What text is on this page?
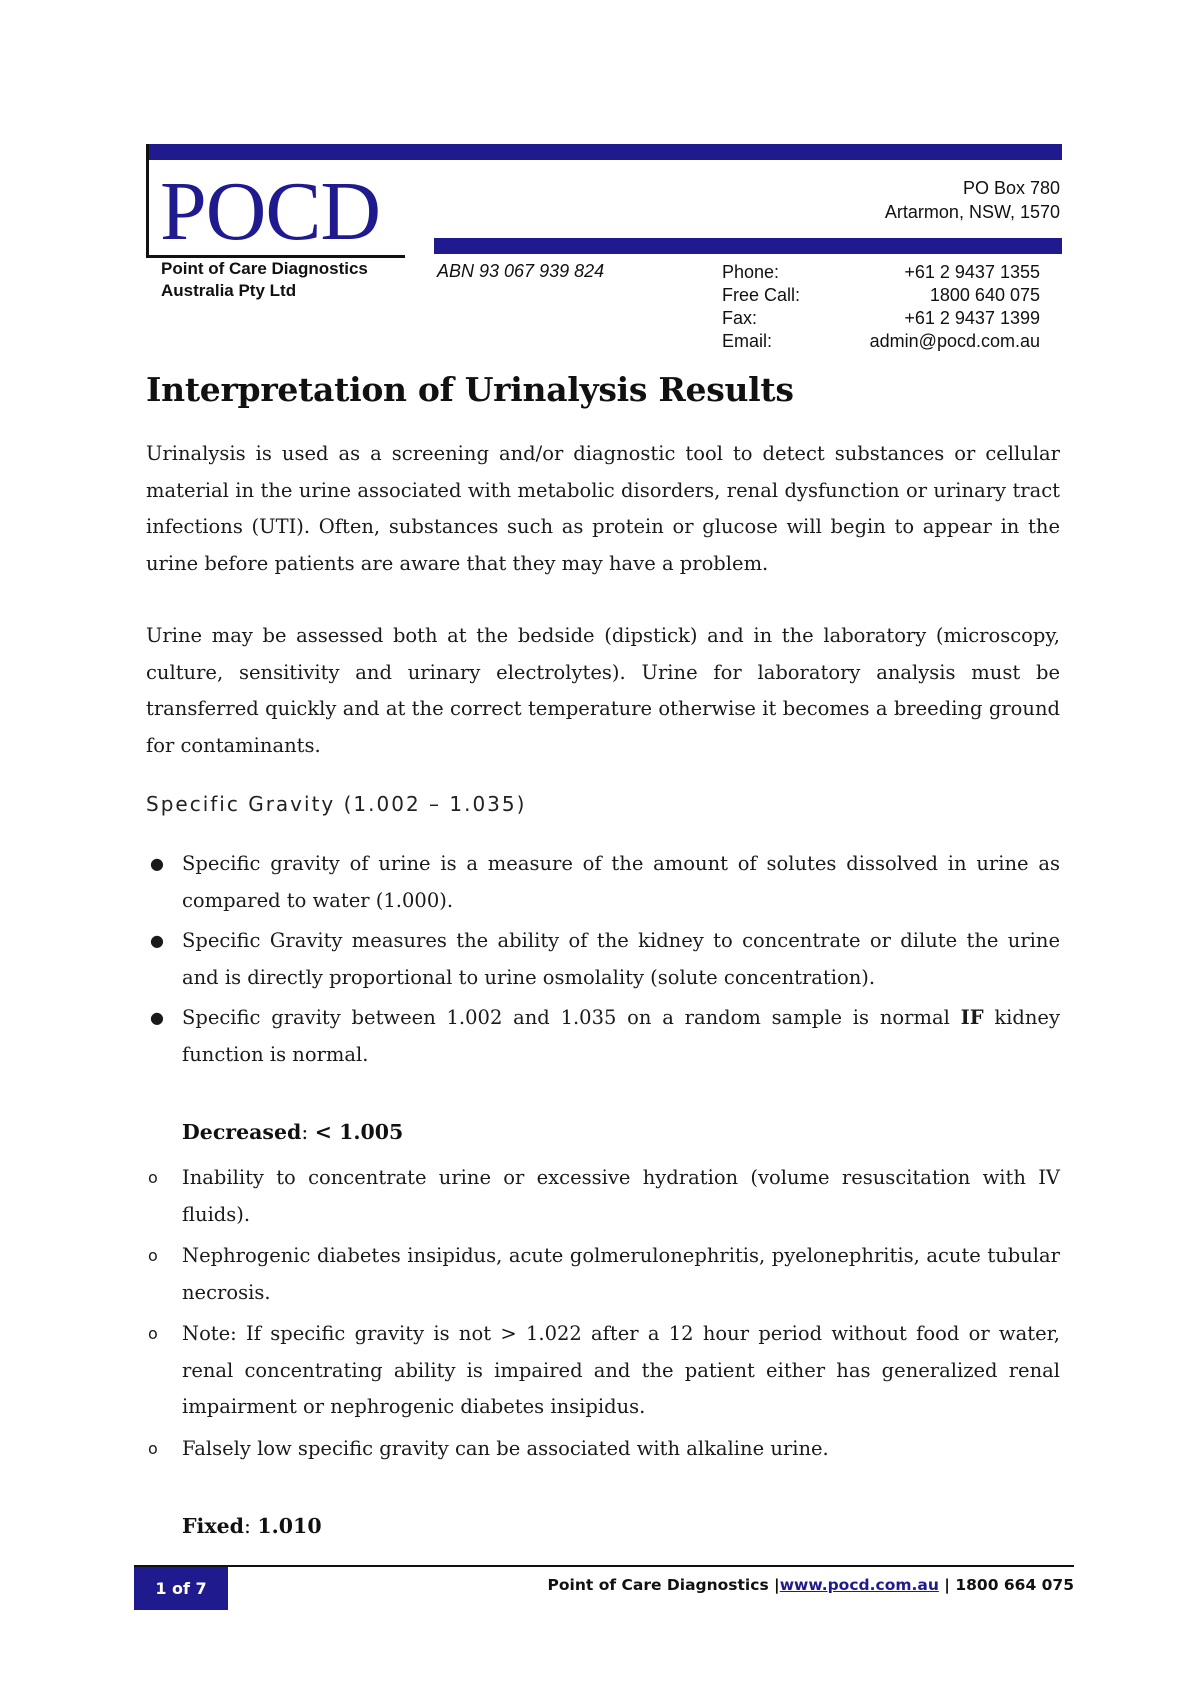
POCD
Point of Care Diagnostics
Australia Pty Ltd
PO Box 780
Artarmon, NSW, 1570
ABN 93 067 939 824	Phone:	+61 2 9437 1355
Free Call:	1800 640 075
Fax:	+61 2 9437 1399
Email:	admin@pocd.com.au
Interpretation of Urinalysis Results
Urinalysis is used as a screening and/or diagnostic tool to detect substances or cellular material in the urine associated with metabolic disorders, renal dysfunction or urinary tract infections (UTI). Often, substances such as protein or glucose will begin to appear in the urine before patients are aware that they may have a problem.
Urine may be assessed both at the bedside (dipstick) and in the laboratory (microscopy, culture, sensitivity and urinary electrolytes). Urine for laboratory analysis must be transferred quickly and at the correct temperature otherwise it becomes a breeding ground for contaminants.
Specific Gravity (1.002 – 1.035)
● Specific gravity of urine is a measure of the amount of solutes dissolved in urine as compared to water (1.000).
● Specific Gravity measures the ability of the kidney to concentrate or dilute the urine and is directly proportional to urine osmolality (solute concentration).
● Specific gravity between 1.002 and 1.035 on a random sample is normal IF kidney function is normal.
Decreased: < 1.005
o Inability to concentrate urine or excessive hydration (volume resuscitation with IV fluids).
o Nephrogenic diabetes insipidus, acute golmerulonephritis, pyelonephritis, acute tubular necrosis.
o Note: If specific gravity is not > 1.022 after a 12 hour period without food or water, renal concentrating ability is impaired and the patient either has generalized renal impairment or nephrogenic diabetes insipidus.
o Falsely low specific gravity can be associated with alkaline urine.
Fixed: 1.010
1 of 7	Point of Care Diagnostics |www.pocd.com.au | 1800 664 075
